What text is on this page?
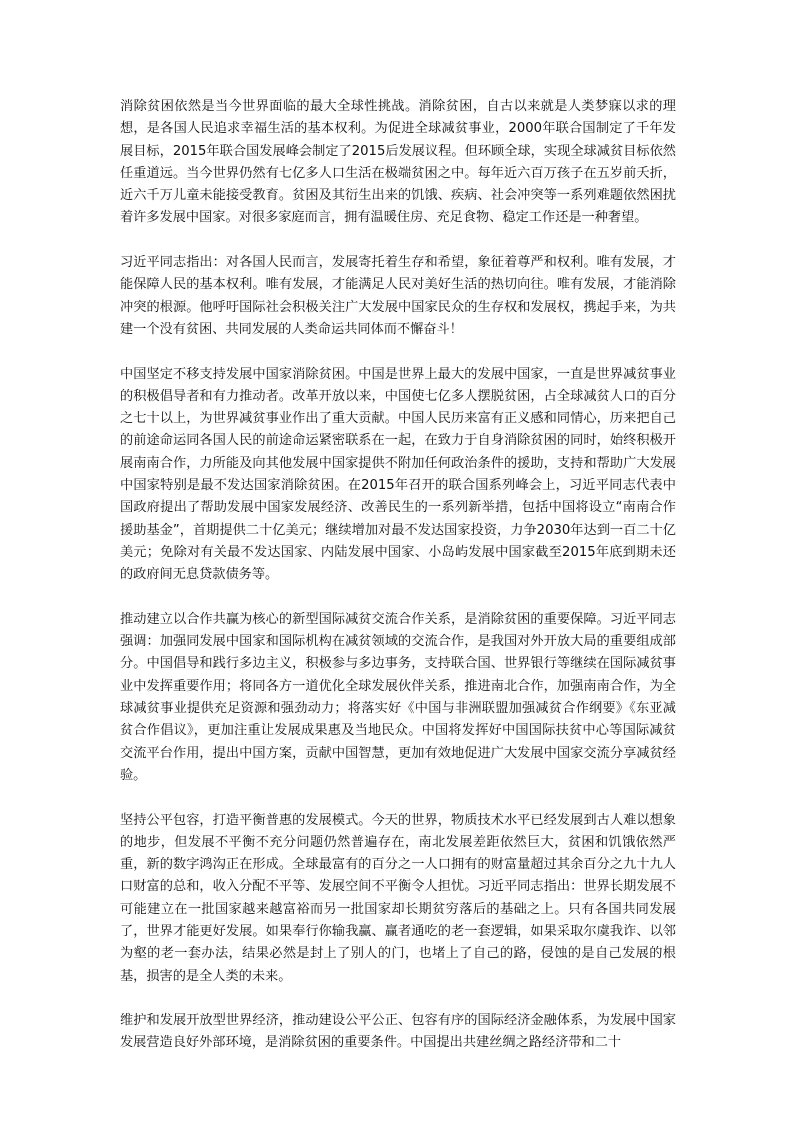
消除贫困依然是当今世界面临的最大全球性挑战。消除贫困，自古以来就是人类梦寐以求的理想，是各国人民追求幸福生活的基本权利。为促进全球减贫事业，2000年联合国制定了千年发展目标，2015年联合国发展峰会制定了2015后发展议程。但环顾全球，实现全球减贫目标依然任重道远。当今世界仍然有七亿多人口生活在极端贫困之中。每年近六百万孩子在五岁前夭折，近六千万儿童未能接受教育。贫困及其衍生出来的饥饿、疾病、社会冲突等一系列难题依然困扰着许多发展中国家。对很多家庭而言，拥有温暖住房、充足食物、稳定工作还是一种奢望。

习近平同志指出：对各国人民而言，发展寄托着生存和希望，象征着尊严和权利。唯有发展，才能保障人民的基本权利。唯有发展，才能满足人民对美好生活的热切向往。唯有发展，才能消除冲突的根源。他呼吁国际社会积极关注广大发展中国家民众的生存权和发展权，携起手来，为共建一个没有贫困、共同发展的人类命运共同体而不懈奋斗！

中国坚定不移支持发展中国家消除贫困。中国是世界上最大的发展中国家，一直是世界减贫事业的积极倡导者和有力推动者。改革开放以来，中国使七亿多人摆脱贫困，占全球减贫人口的百分之七十以上，为世界减贫事业作出了重大贡献。中国人民历来富有正义感和同情心，历来把自己的前途命运同各国人民的前途命运紧密联系在一起，在致力于自身消除贫困的同时，始终积极开展南南合作，力所能及向其他发展中国家提供不附加任何政治条件的援助，支持和帮助广大发展中国家特别是最不发达国家消除贫困。在2015年召开的联合国系列峰会上，习近平同志代表中国政府提出了帮助发展中国家发展经济、改善民生的一系列新举措，包括中国将设立“南南合作援助基金”，首期提供二十亿美元；继续增加对最不发达国家投资，力争2030年达到一百二十亿美元；免除对有关最不发达国家、内陆发展中国家、小岛屿发展中国家截至2015年底到期未还的政府间无息贷款债务等。

推动建立以合作共赢为核心的新型国际减贫交流合作关系，是消除贫困的重要保障。习近平同志强调：加强同发展中国家和国际机构在减贫领域的交流合作，是我国对外开放大局的重要组成部分。中国倡导和践行多边主义，积极参与多边事务，支持联合国、世界银行等继续在国际减贫事业中发挥重要作用；将同各方一道优化全球发展伙伴关系，推进南北合作，加强南南合作，为全球减贫事业提供充足资源和强劲动力；将落实好《中国与非洲联盟加强减贫合作纲要》《东亚减贫合作倡议》，更加注重让发展成果惠及当地民众。中国将发挥好中国国际扶贫中心等国际减贫交流平台作用，提出中国方案，贡献中国智慧，更加有效地促进广大发展中国家交流分享减贫经验。

坚持公平包容，打造平衡普惠的发展模式。今天的世界，物质技术水平已经发展到古人难以想象的地步，但发展不平衡不充分问题仍然普遍存在，南北发展差距依然巨大，贫困和饥饿依然严重，新的数字鸿沟正在形成。全球最富有的百分之一人口拥有的财富量超过其余百分之九十九人口财富的总和，收入分配不平等、发展空间不平衡令人担忧。习近平同志指出：世界长期发展不可能建立在一批国家越来越富裕而另一批国家却长期贫穷落后的基础之上。只有各国共同发展了，世界才能更好发展。如果奉行你输我赢、赢者通吃的老一套逻辑，如果采取尔虞我诈、以邻为壑的老一套办法，结果必然是封上了别人的门，也堵上了自己的路，侵蚀的是自己发展的根基，损害的是全人类的未来。

维护和发展开放型世界经济，推动建设公平公正、包容有序的国际经济金融体系，为发展中国家发展营造良好外部环境，是消除贫困的重要条件。中国提出共建丝绸之路经济带和二十
